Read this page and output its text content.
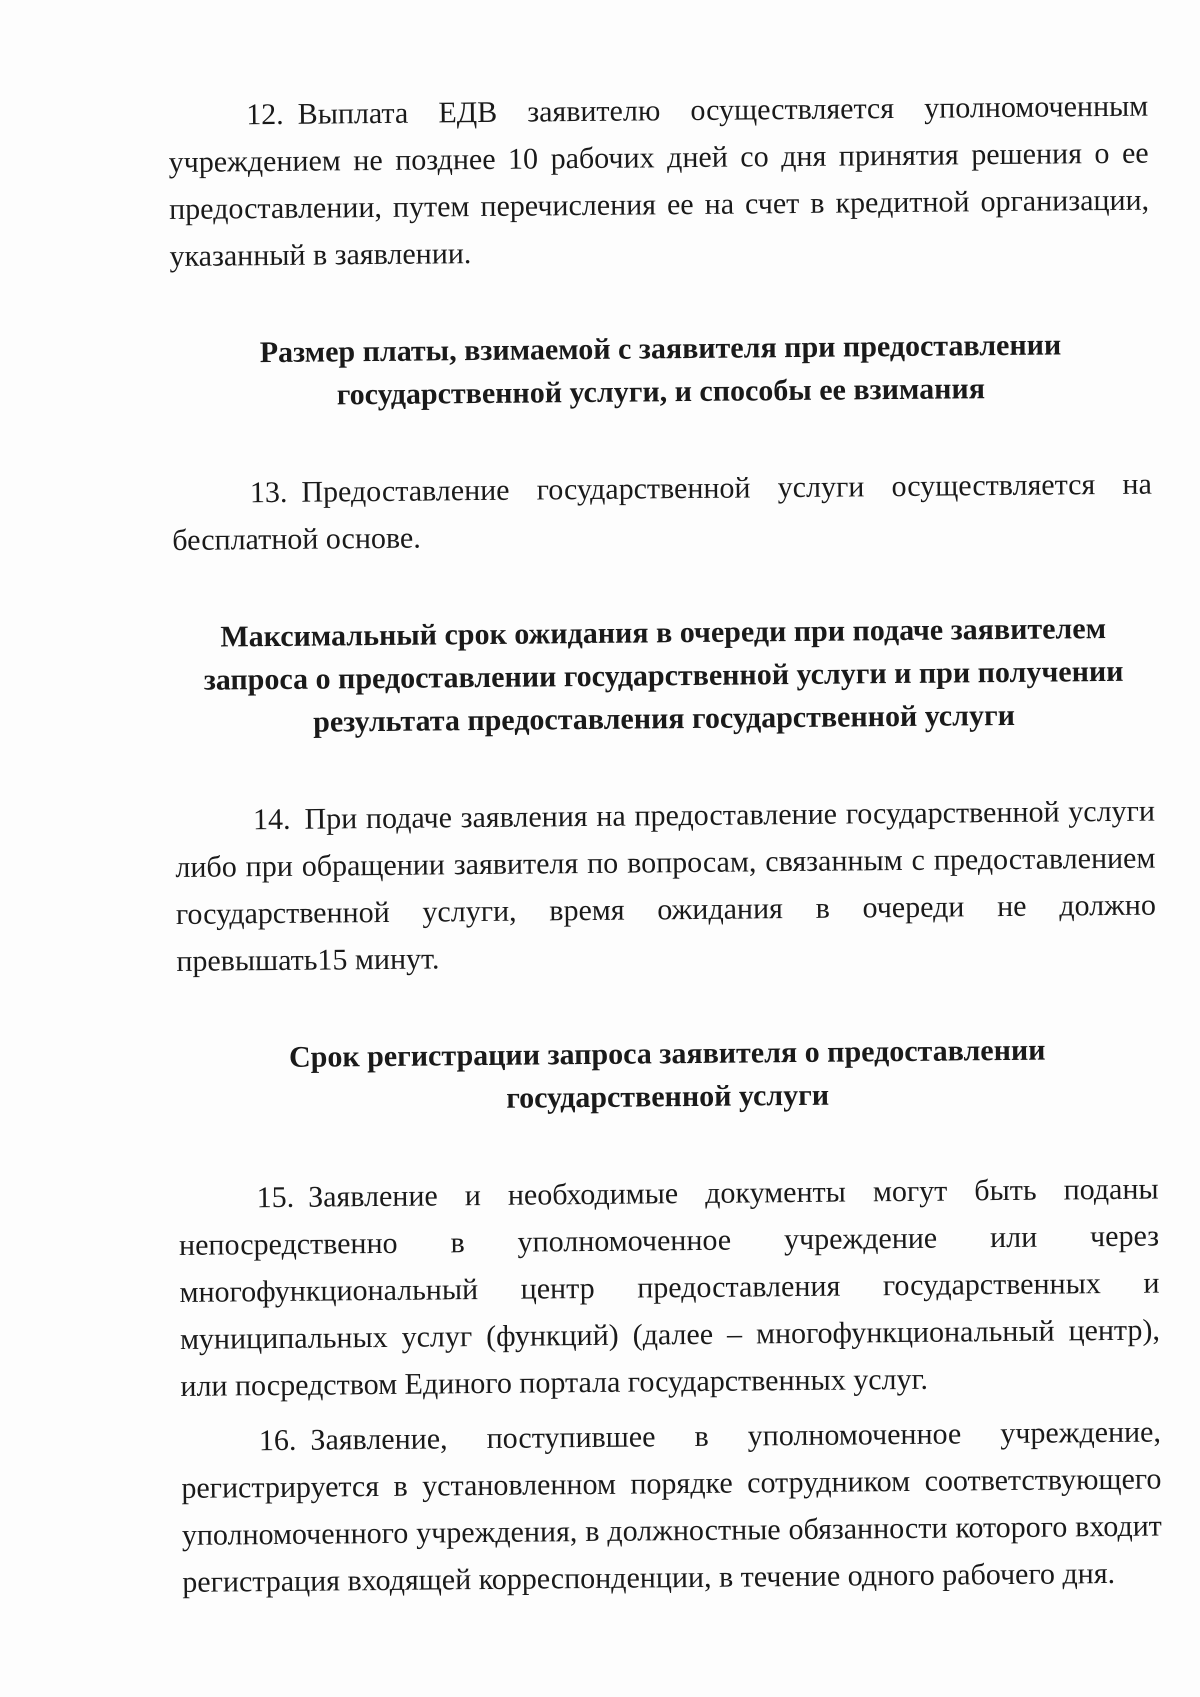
12. Выплата ЕДВ заявителю осуществляется уполномоченным учреждением не позднее 10 рабочих дней со дня принятия решения о ее предоставлении, путем перечисления ее на счет в кредитной организации, указанный в заявлении.

Размер платы, взимаемой с заявителя при предоставлении государственной услуги, и способы ее взимания

13. Предоставление государственной услуги осуществляется на бесплатной основе.

Максимальный срок ожидания в очереди при подаче заявителем запроса о предоставлении государственной услуги и при получении результата предоставления государственной услуги

14. При подаче заявления на предоставление государственной услуги либо при обращении заявителя по вопросам, связанным с предоставлением государственной услуги, время ожидания в очереди не должно превышать15 минут.

Срок регистрации запроса заявителя о предоставлении государственной услуги

15. Заявление и необходимые документы могут быть поданы непосредственно в уполномоченное учреждение или через многофункциональный центр предоставления государственных и муниципальных услуг (функций) (далее – многофункциональный центр), или посредством Единого портала государственных услуг.

16. Заявление, поступившее в уполномоченное учреждение, регистрируется в установленном порядке сотрудником соответствующего уполномоченного учреждения, в должностные обязанности которого входит регистрация входящей корреспонденции, в течение одного рабочего дня.
